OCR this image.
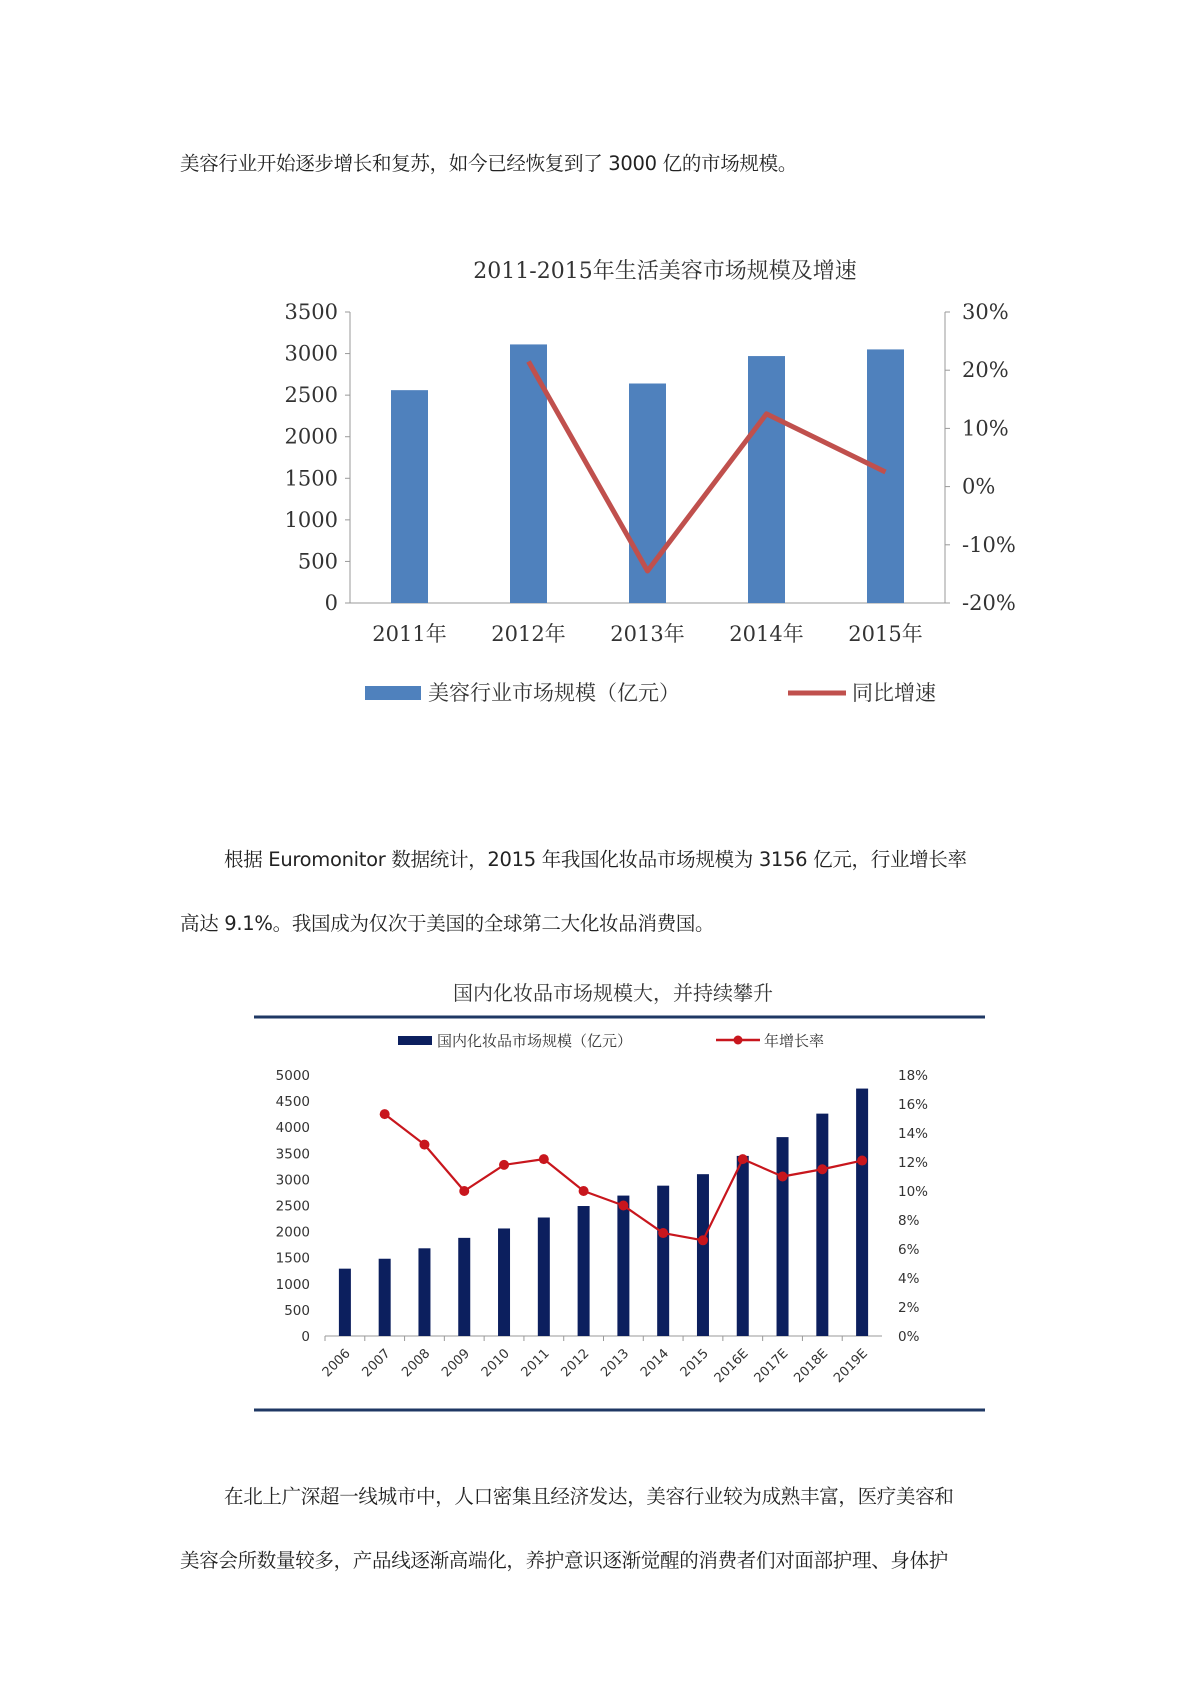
美容行业开始逐步增长和复苏，如今已经恢复到了 3000 亿的市场规模。

2011-2015年生活美容市场规模及增速
0
500
1000
1500
2000
2500
3000
3500
-20%
-10%
0%
10%
20%
30%
2011年 2012年 2013年 2014年 2015年
美容行业市场规模（亿元）	同比增速

根据 Euromonitor 数据统计，2015 年我国化妆品市场规模为 3156 亿元，行业增长率

高达 9.1%。我国成为仅次于美国的全球第二大化妆品消费国。

国内化妆品市场规模大，并持续攀升
0
500
1000
1500
2000
2500
3000
3500
4000
4500
5000
0%
2%
4%
6%
8%
10%
12%
14%
16%
18%
2006 2007 2008 2009 2010 2011 2012 2013 2014 2015 2016E 2017E 2018E 2019E
国内化妆品市场规模（亿元）	年增长率

在北上广深超一线城市中，人口密集且经济发达，美容行业较为成熟丰富，医疗美容和

美容会所数量较多，产品线逐渐高端化，养护意识逐渐觉醒的消费者们对面部护理、身体护
